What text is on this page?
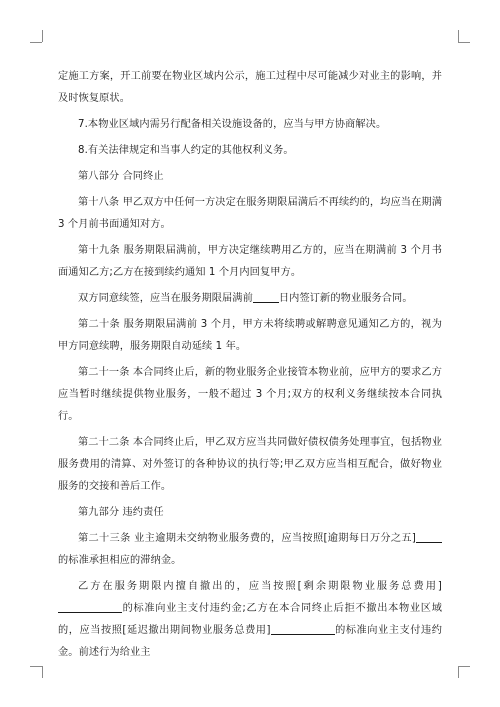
定施工方案，开工前要在物业区域内公示，施工过程中尽可能减少对业主的影响，并及时恢复原状。

7.本物业区域内需另行配备相关设施设备的，应当与甲方协商解决。

8.有关法律规定和当事人约定的其他权利义务。

第八部分 合同终止

第十八条 甲乙双方中任何一方决定在服务期限届满后不再续约的，均应当在期满3 个月前书面通知对方。

第十九条 服务期限届满前，甲方决定继续聘用乙方的，应当在期满前 3 个月书面通知乙方;乙方在接到续约通知 1 个月内回复甲方。

双方同意续签，应当在服务期限届满前	日内签订新的物业服务合同。

第二十条 服务期限届满前 3 个月，甲方未将续聘或解聘意见通知乙方的，视为甲方同意续聘，服务期限自动延续 1 年。

第二十一条 本合同终止后，新的物业服务企业接管本物业前，应甲方的要求乙方应当暂时继续提供物业服务，一般不超过 3 个月;双方的权利义务继续按本合同执行。

第二十二条 本合同终止后，甲乙双方应当共同做好债权债务处理事宜，包括物业服务费用的清算、对外签订的各种协议的执行等;甲乙双方应当相互配合，做好物业服务的交接和善后工作。

第九部分 违约责任

第二十三条 业主逾期未交纳物业服务费的，应当按照[逾期每日万分之五]的标准承担相应的滞纳金。

乙方在服务期限内擅自撤出的，应当按照[剩余期限物业服务总费用]的标准向业主支付违约金;乙方在本合同终止后拒不撤出本物业区域的，应当按照[延迟撤出期间物业服务总费用]	的标准向业主支付违约金。前述行为给业主
